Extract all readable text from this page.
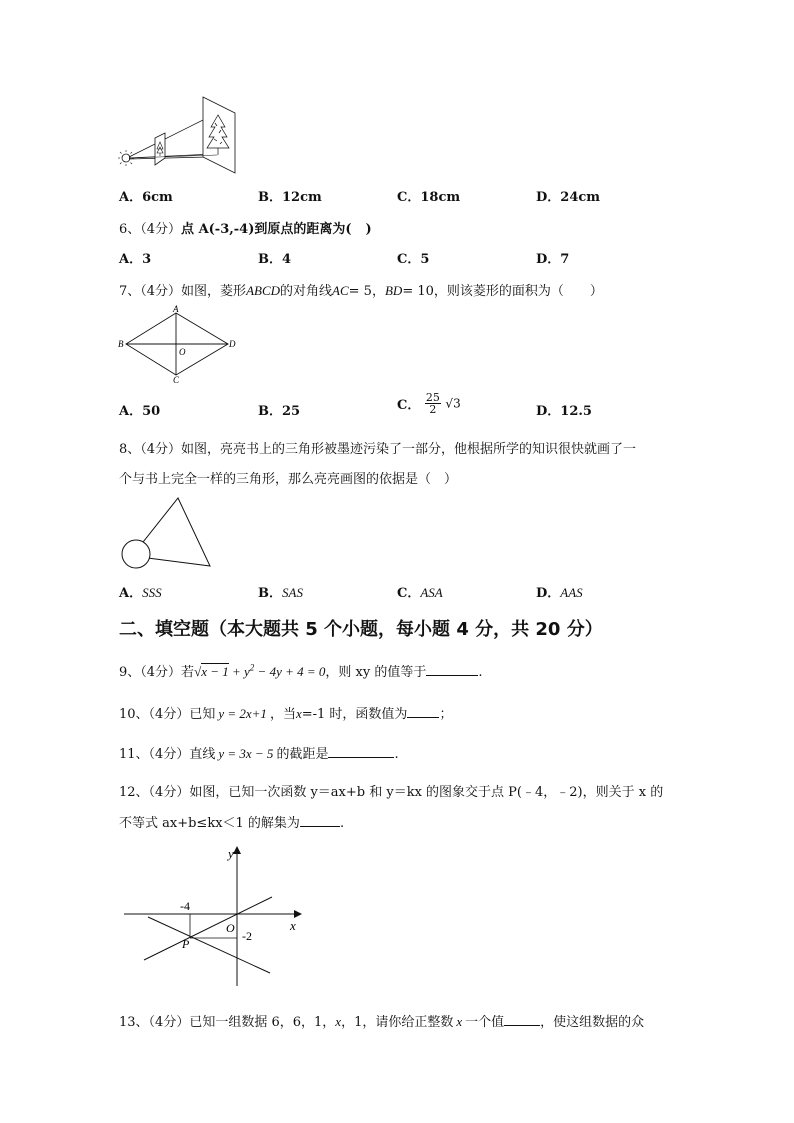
A．6cm	B．12cm	C．18cm	D．24cm
6、（4分）点 A(-3,-4)到原点的距离为( )
A．3	B．4	C．5	D．7
7、（4分）如图，菱形ABCD的对角线AC= 5，BD= 10，则该菱形的面积为（　　）
A
B
C
D
O
A．50	B．25	C． $\frac{25}{2} √3$
D．12.5
8、（4分）如图，亮亮书上的三角形被墨迹污染了一部分，他根据所学的知识很快就画了一
个与书上完全一样的三角形，那么亮亮画图的依据是（　）
A．SSS	B．SAS	C．ASA	D．AAS
二、填空题（本大题共 5 个小题，每小题 4 分，共 20 分）
9、（4分）若$√x - 1 + y^2 - 4y + 4 = 0$，则 xy 的值等于	.
10、（4分）已知 y = 2x+1 ，当x=-1 时，函数值为 ；
11、（4分）直线 y = 3x − 5 的截距是	.
12、（4分）如图，已知一次函数 y＝ax+b 和 y＝kx 的图象交于点 P(﹣4，﹣2)，则关于 x 的
不等式 ax+b≤kx＜1 的解集为	.
y
x
O
P
-4
-2
13、（4分）已知一组数据 6，6，1，x，1，请你给正整数 x 一个值	，使这组数据的众
